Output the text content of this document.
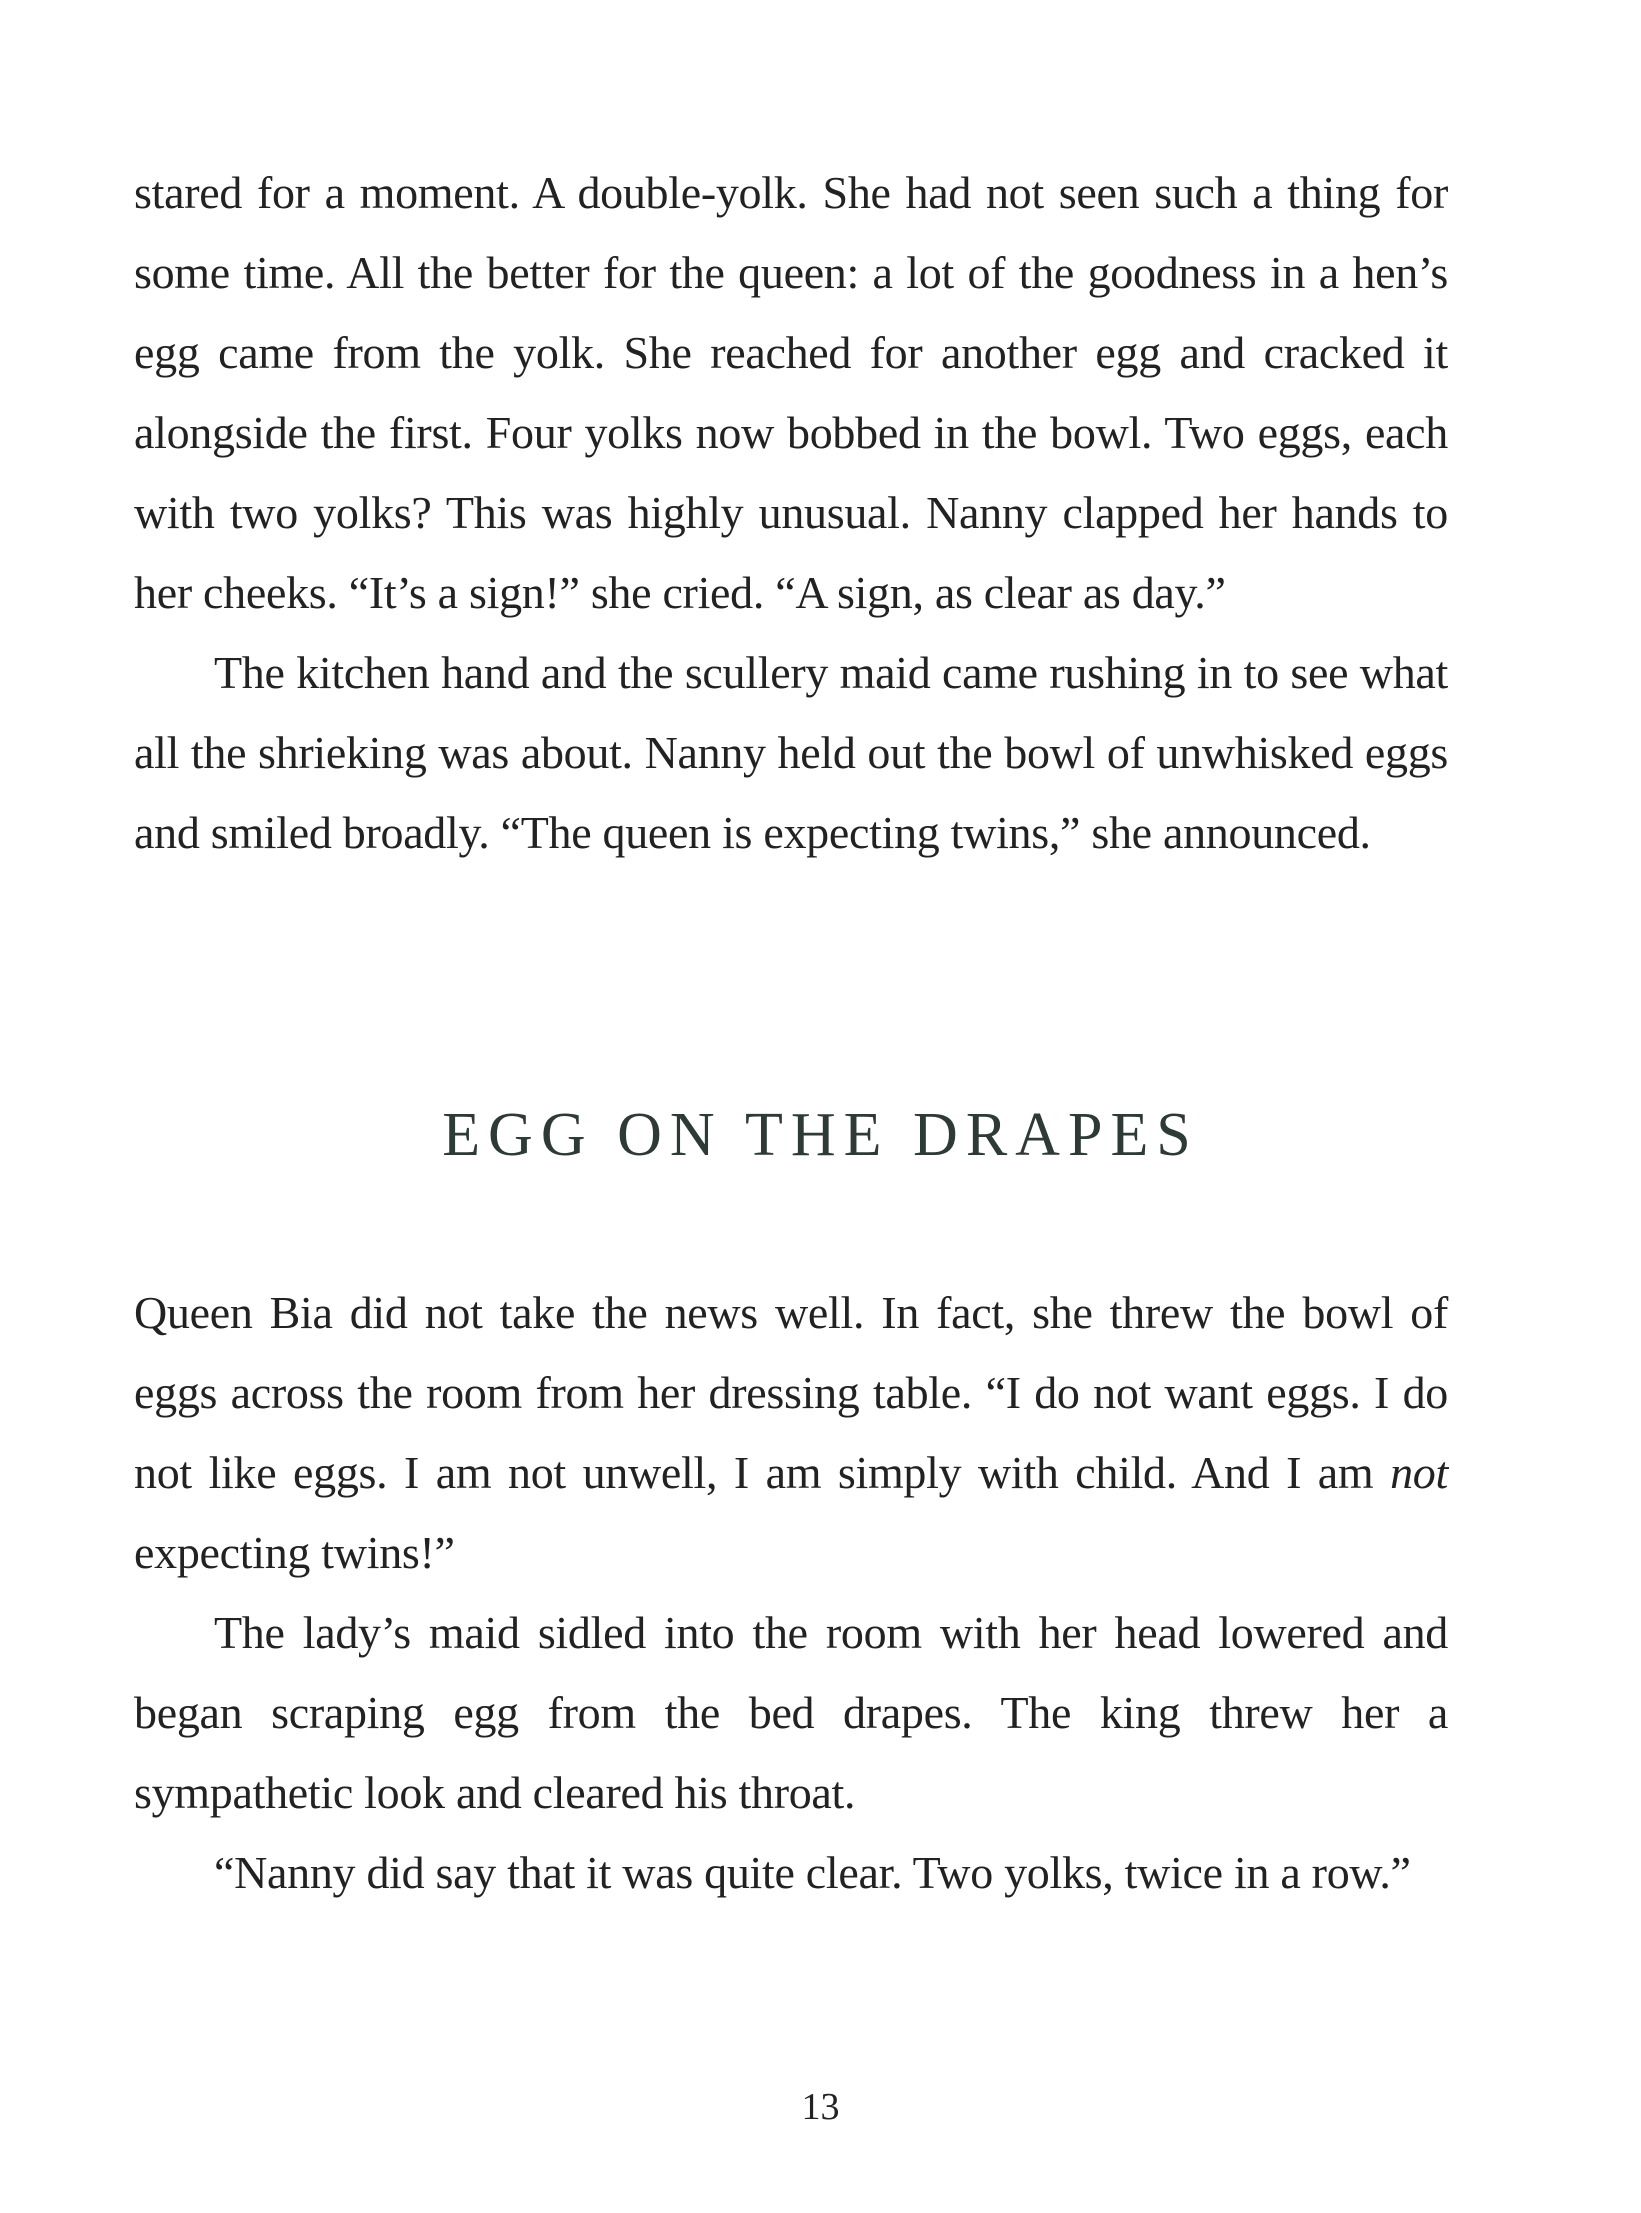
stared for a moment. A double-yolk. She had not seen such a thing for some time. All the better for the queen: a lot of the goodness in a hen’s egg came from the yolk. She reached for another egg and cracked it alongside the first. Four yolks now bobbed in the bowl. Two eggs, each with two yolks? This was highly unusual. Nanny clapped her hands to her cheeks. “It’s a sign!” she cried. “A sign, as clear as day.”

The kitchen hand and the scullery maid came rushing in to see what all the shrieking was about. Nanny held out the bowl of unwhisked eggs and smiled broadly. “The queen is expecting twins,” she announced.

EGG ON THE DRAPES

Queen Bia did not take the news well. In fact, she threw the bowl of eggs across the room from her dressing table. “I do not want eggs. I do not like eggs. I am not unwell, I am simply with child. And I am not expecting twins!”

The lady’s maid sidled into the room with her head lowered and began scraping egg from the bed drapes. The king threw her a sympathetic look and cleared his throat.

“Nanny did say that it was quite clear. Two yolks, twice in a row.”

13
